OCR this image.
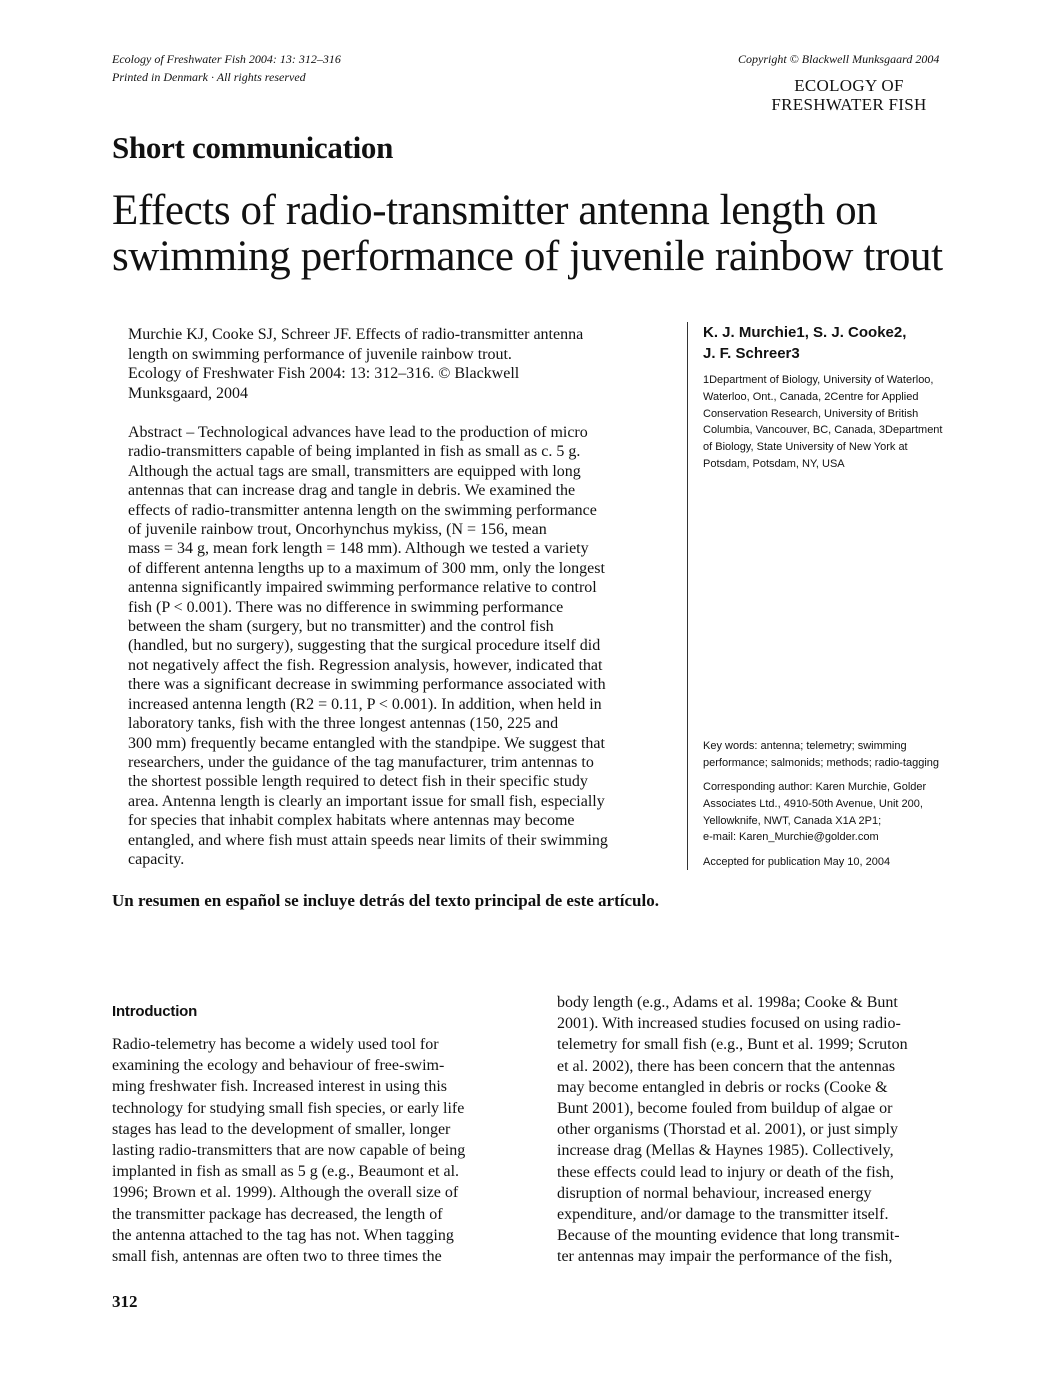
Ecology of Freshwater Fish 2004: 13: 312–316
Printed in Denmark · All rights reserved
Copyright © Blackwell Munksgaard 2004
ECOLOGY OF
FRESHWATER FISH
Short communication
Effects of radio-transmitter antenna length on
swimming performance of juvenile rainbow trout
Murchie KJ, Cooke SJ, Schreer JF. Effects of radio-transmitter antenna
length on swimming performance of juvenile rainbow trout.
Ecology of Freshwater Fish 2004: 13: 312–316. © Blackwell
Munksgaard, 2004

Abstract – Technological advances have lead to the production of micro

radio-transmitters capable of being implanted in fish as small as c. 5 g.

Although the actual tags are small, transmitters are equipped with long

antennas that can increase drag and tangle in debris. We examined the

effects of radio-transmitter antenna length on the swimming performance

of juvenile rainbow trout, Oncorhynchus mykiss, (N = 156, mean

mass = 34 g, mean fork length = 148 mm). Although we tested a variety

of different antenna lengths up to a maximum of 300 mm, only the longest

antenna significantly impaired swimming performance relative to control

fish (P < 0.001). There was no difference in swimming performance

between the sham (surgery, but no transmitter) and the control fish

(handled, but no surgery), suggesting that the surgical procedure itself did

not negatively affect the fish. Regression analysis, however, indicated that

there was a significant decrease in swimming performance associated with

increased antenna length (R2 = 0.11, P < 0.001). In addition, when held in

laboratory tanks, fish with the three longest antennas (150, 225 and

300 mm) frequently became entangled with the standpipe. We suggest that

researchers, under the guidance of the tag manufacturer, trim antennas to

the shortest possible length required to detect fish in their specific study

area. Antenna length is clearly an important issue for small fish, especially

for species that inhabit complex habitats where antennas may become

entangled, and where fish must attain speeds near limits of their swimming

capacity.

K. J. Murchie1, S. J. Cooke2,
J. F. Schreer3
1Department of Biology, University of Waterloo,
Waterloo, Ont., Canada, 2Centre for Applied
Conservation Research, University of British
Columbia, Vancouver, BC, Canada, 3Department
of Biology, State University of New York at
Potsdam, Potsdam, NY, USA
Key words: antenna; telemetry; swimming
performance; salmonids; methods; radio-tagging
Corresponding author: Karen Murchie, Golder
Associates Ltd., 4910-50th Avenue, Unit 200,
Yellowknife, NWT, Canada X1A 2P1;
e-mail: Karen_Murchie@golder.com
Accepted for publication May 10, 2004
Un resumen en español se incluye detrás del texto principal de este artículo.
Introduction

Radio-telemetry has become a widely used tool for

examining the ecology and behaviour of free-swim-

ming freshwater fish. Increased interest in using this

technology for studying small fish species, or early life

stages has lead to the development of smaller, longer

lasting radio-transmitters that are now capable of being

implanted in fish as small as 5 g (e.g., Beaumont et al.

1996; Brown et al. 1999). Although the overall size of

the transmitter package has decreased, the length of

the antenna attached to the tag has not. When tagging

small fish, antennas are often two to three times the

body length (e.g., Adams et al. 1998a; Cooke & Bunt

2001). With increased studies focused on using radio-

telemetry for small fish (e.g., Bunt et al. 1999; Scruton

et al. 2002), there has been concern that the antennas

may become entangled in debris or rocks (Cooke &

Bunt 2001), become fouled from buildup of algae or

other organisms (Thorstad et al. 2001), or just simply

increase drag (Mellas & Haynes 1985). Collectively,

these effects could lead to injury or death of the fish,

disruption of normal behaviour, increased energy

expenditure, and/or damage to the transmitter itself.

Because of the mounting evidence that long transmit-

ter antennas may impair the performance of the fish,

312
